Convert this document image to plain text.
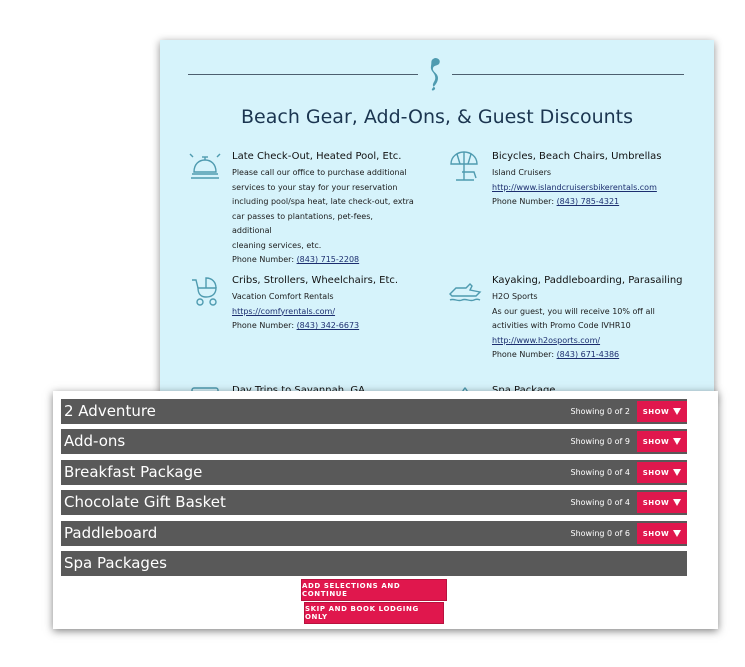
Beach Gear, Add-Ons, & Guest Discounts
Late Check-Out, Heated Pool, Etc.
Please call our office to purchase additional
services to your stay for your reservation
including pool/spa heat, late check-out, extra
car passes to plantations, pet-fees, additional
cleaning services, etc.
Phone Number: (843) 715-2208
Bicycles, Beach Chairs, Umbrellas
Island Cruisers
http://www.islandcruisersbikerentals.com
Phone Number: (843) 785-4321
Cribs, Strollers, Wheelchairs, Etc.
Vacation Comfort Rentals
https://comfyrentals.com/
Phone Number: (843) 342-6673
Kayaking, Paddleboarding, Parasailing
H2O Sports
As our guest, you will receive 10% off all
activities with Promo Code IVHR10
http://www.h2osports.com/
Phone Number: (843) 671-4386
2 Adventure	Showing 0 of 2 SHOW
Add-ons	Showing 0 of 9 SHOW
Breakfast Package	Showing 0 of 4 SHOW
Chocolate Gift Basket	Showing 0 of 4 SHOW
Paddleboard	Showing 0 of 6 SHOW
Spa Packages
ADD SELECTIONS AND CONTINUE
SKIP AND BOOK LODGING ONLY
